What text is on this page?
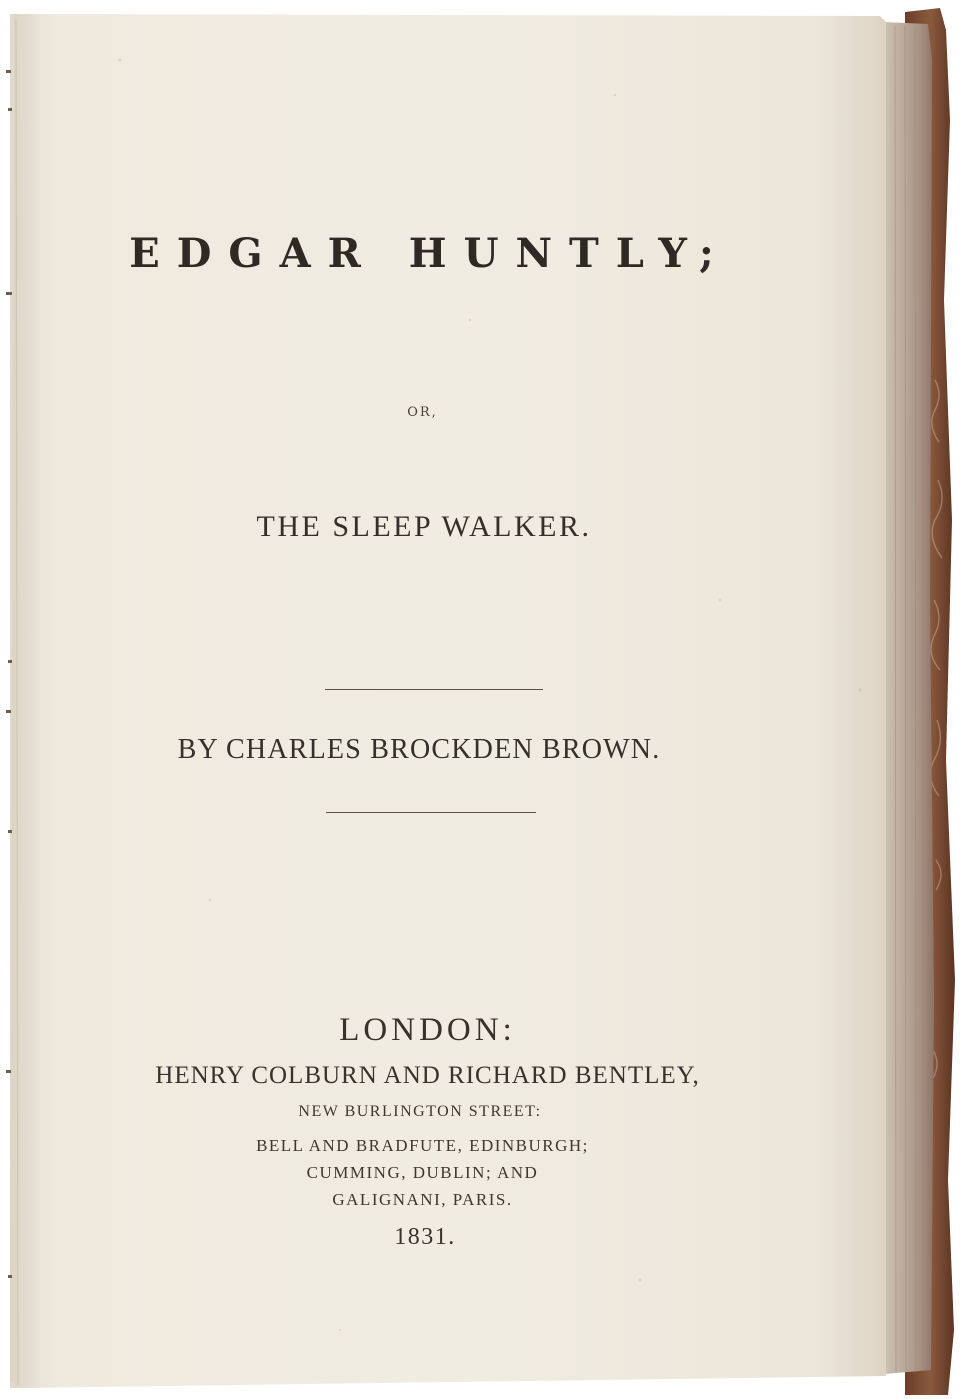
EDGAR HUNTLY;
OR,
THE SLEEP WALKER.
BY CHARLES BROCKDEN BROWN.
LONDON:
HENRY COLBURN AND RICHARD BENTLEY,
NEW BURLINGTON STREET:
BELL AND BRADFUTE, EDINBURGH;
CUMMING, DUBLIN; AND
GALIGNANI, PARIS.
1831.
